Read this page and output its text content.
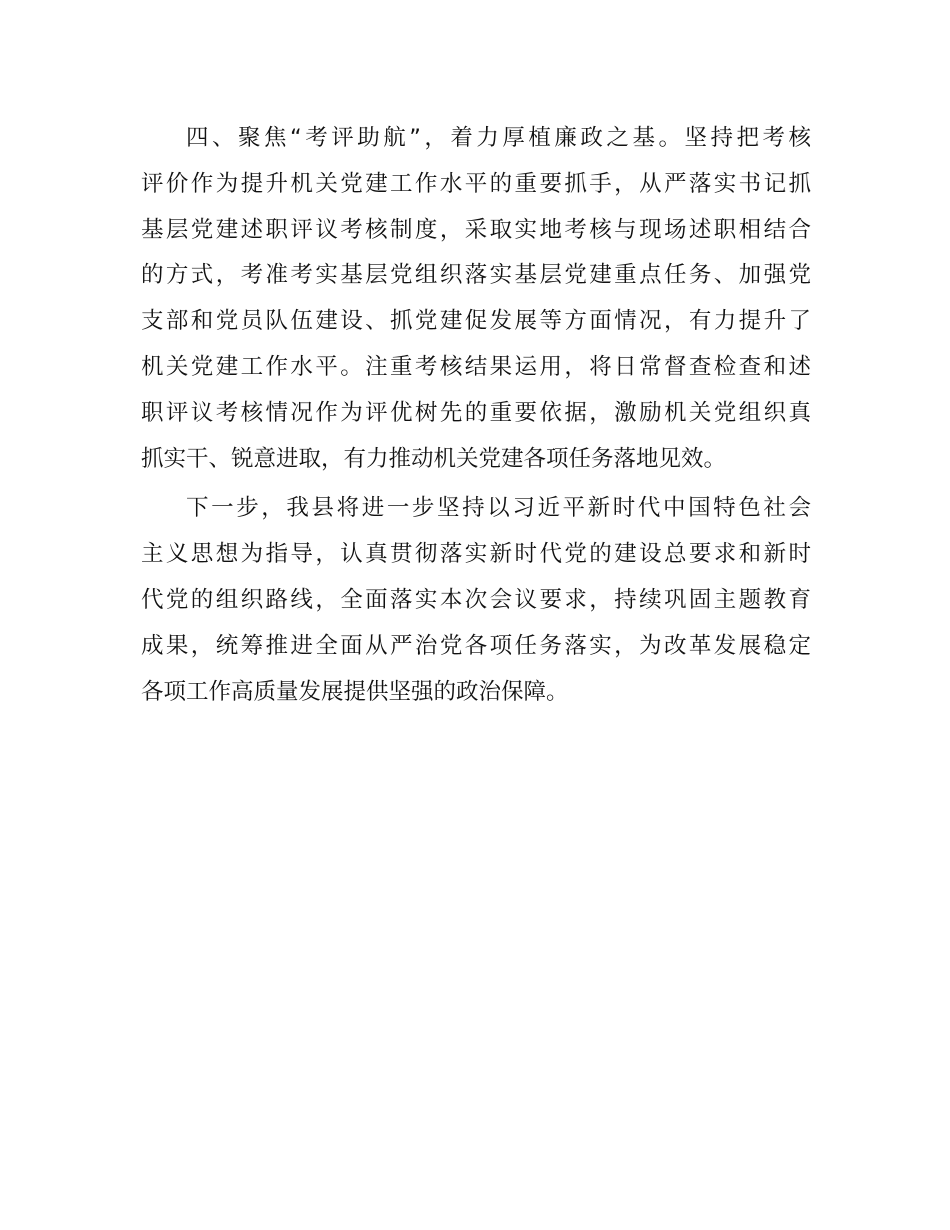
四、聚焦“考评助航”，着力厚植廉政之基。坚持把考核
评价作为提升机关党建工作水平的重要抓手，从严落实书记抓
基层党建述职评议考核制度，采取实地考核与现场述职相结合
的方式，考准考实基层党组织落实基层党建重点任务、加强党
支部和党员队伍建设、抓党建促发展等方面情况，有力提升了
机关党建工作水平。注重考核结果运用，将日常督查检查和述
职评议考核情况作为评优树先的重要依据，激励机关党组织真
抓实干、锐意进取，有力推动机关党建各项任务落地见效。

下一步，我县将进一步坚持以习近平新时代中国特色社会
主义思想为指导，认真贯彻落实新时代党的建设总要求和新时
代党的组织路线，全面落实本次会议要求，持续巩固主题教育
成果，统筹推进全面从严治党各项任务落实，为改革发展稳定
各项工作高质量发展提供坚强的政治保障。
